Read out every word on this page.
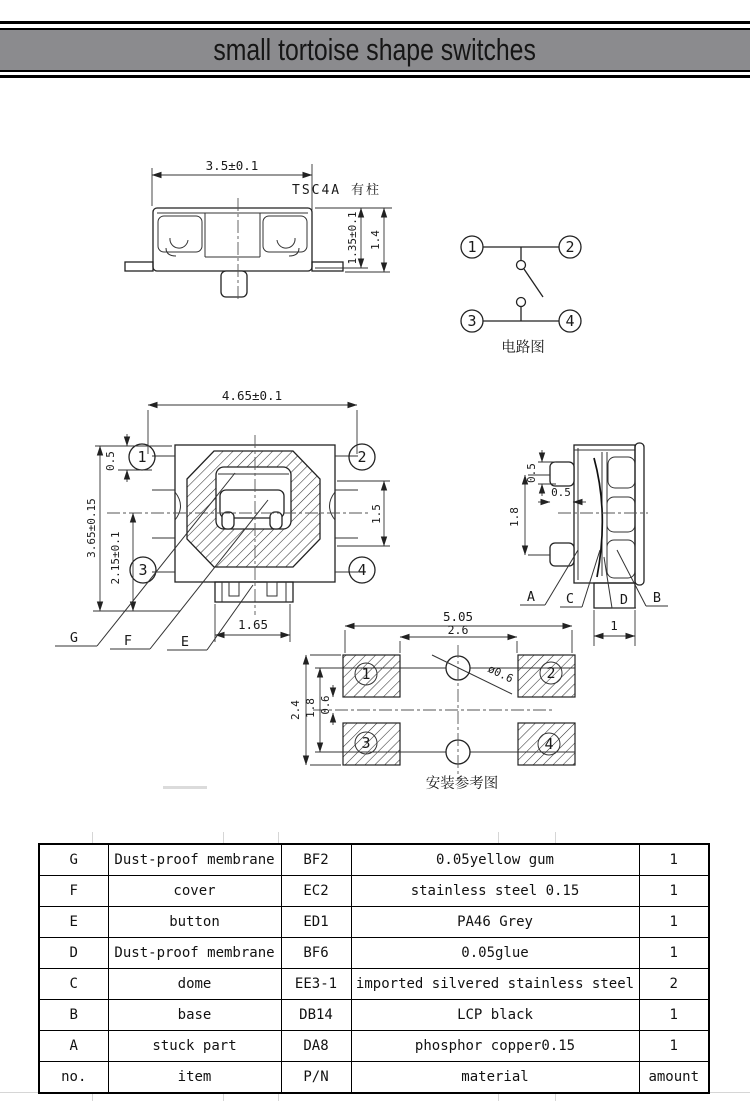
small tortoise shape switches
3.5±0.1
TSC4A 有柱
1.35±0.1 1.4	1	2
3	4
电路图
1	2
3	4
4.65±0.1
3.65±0.15
0.5
2.15±0.1
1.5
1.65
G	F	E
0.5
0.5
1.8
1
A C	D B
1	2
3	4
ø0.6
5.05
2.6
2.4 1.8 0.6
安装参考图
G	Dust-proof membrane	BF2	0.05yellow gum	1
F	cover	EC2	stainless steel 0.15	1
E	button	ED1	PA46 Grey	1
D	Dust-proof membrane	BF6	0.05glue	1
C	dome	EE3-1	imported silvered stainless steel	2
B	base	DB14	LCP black	1
A	stuck part	DA8	phosphor copper0.15	1
no.	item	P/N	material	amount
